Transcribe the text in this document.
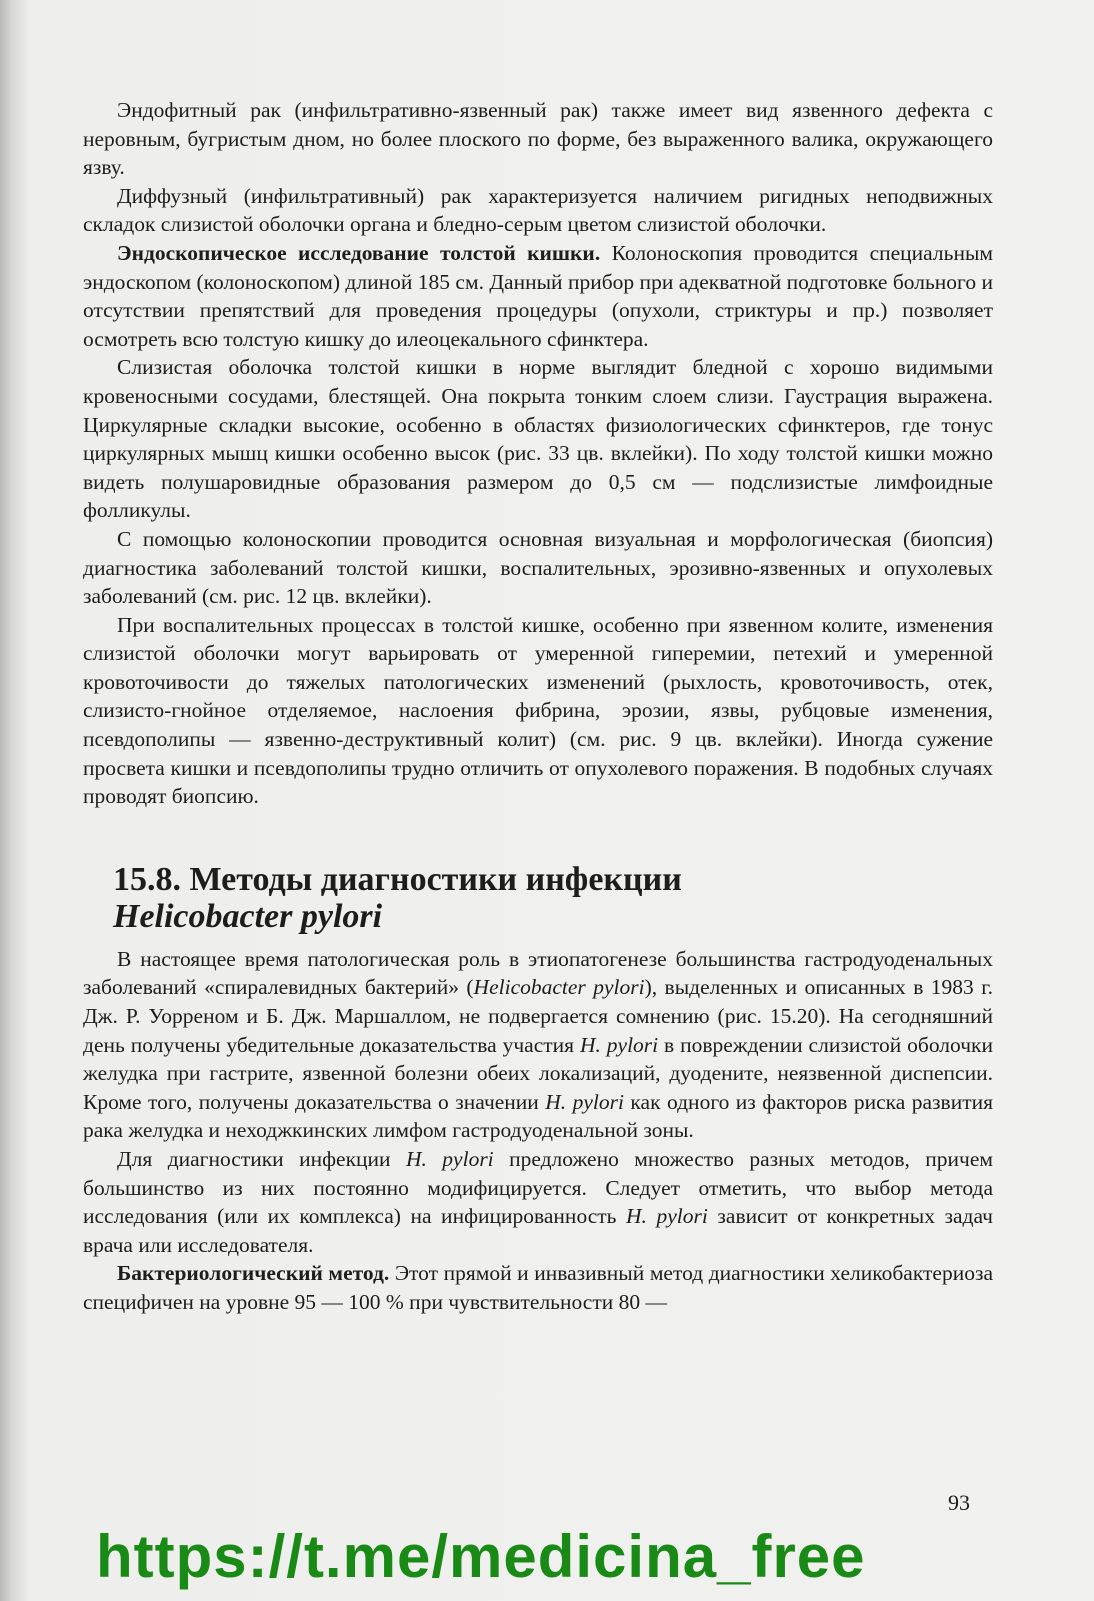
Эндофитный рак (инфильтративно-язвенный рак) также имеет вид язвенного дефекта с неровным, бугристым дном, но более плоского по форме, без выраженного валика, окружающего язву.

Диффузный (инфильтративный) рак характеризуется наличием ригидных неподвижных складок слизистой оболочки органа и бледно-серым цветом слизистой оболочки.

Эндоскопическое исследование толстой кишки. Колоноскопия проводится специальным эндоскопом (колоноскопом) длиной 185 см. Данный прибор при адекватной подготовке больного и отсутствии препятствий для проведения процедуры (опухоли, стриктуры и пр.) позволяет осмотреть всю толстую кишку до илеоцекального сфинктера.

Слизистая оболочка толстой кишки в норме выглядит бледной с хорошо видимыми кровеносными сосудами, блестящей. Она покрыта тонким слоем слизи. Гаустрация выражена. Циркулярные складки высокие, особенно в областях физиологических сфинктеров, где тонус циркулярных мышц кишки особенно высок (рис. 33 цв. вклейки). По ходу толстой кишки можно видеть полушаровидные образования размером до 0,5 см — подслизистые лимфоидные фолликулы.

С помощью колоноскопии проводится основная визуальная и морфологическая (биопсия) диагностика заболеваний толстой кишки, воспалительных, эрозивно-язвенных и опухолевых заболеваний (см. рис. 12 цв. вклейки).

При воспалительных процессах в толстой кишке, особенно при язвенном колите, изменения слизистой оболочки могут варьировать от умеренной гиперемии, петехий и умеренной кровоточивости до тяжелых патологических изменений (рыхлость, кровоточивость, отек, слизисто-гнойное отделяемое, наслоения фибрина, эрозии, язвы, рубцовые изменения, псевдополипы — язвенно-деструктивный колит) (см. рис. 9 цв. вклейки). Иногда сужение просвета кишки и псевдополипы трудно отличить от опухолевого поражения. В подобных случаях проводят биопсию.

15.8. Методы диагностики инфекции
Helicobacter pylori

В настоящее время патологическая роль в этиопатогенезе большинства гастродуоденальных заболеваний «спиралевидных бактерий» (Helicobacter pylori), выделенных и описанных в 1983 г. Дж. Р. Уорреном и Б. Дж. Маршаллом, не подвергается сомнению (рис. 15.20). На сегодняшний день получены убедительные доказательства участия H. pylori в повреждении слизистой оболочки желудка при гастрите, язвенной болезни обеих локализаций, дуодените, неязвенной диспепсии. Кроме того, получены доказательства о значении H. pylori как одного из факторов риска развития рака желудка и неходжкинских лимфом гастродуоденальной зоны.

Для диагностики инфекции H. pylori предложено множество разных методов, причем большинство из них постоянно модифицируется. Следует отметить, что выбор метода исследования (или их комплекса) на инфицированность H. pylori зависит от конкретных задач врача или исследователя.

Бактериологический метод. Этот прямой и инвазивный метод диагностики хеликобактериоза специфичен на уровне 95 — 100 % при чувствительности 80 —

93
https://t.me/medicina_free
